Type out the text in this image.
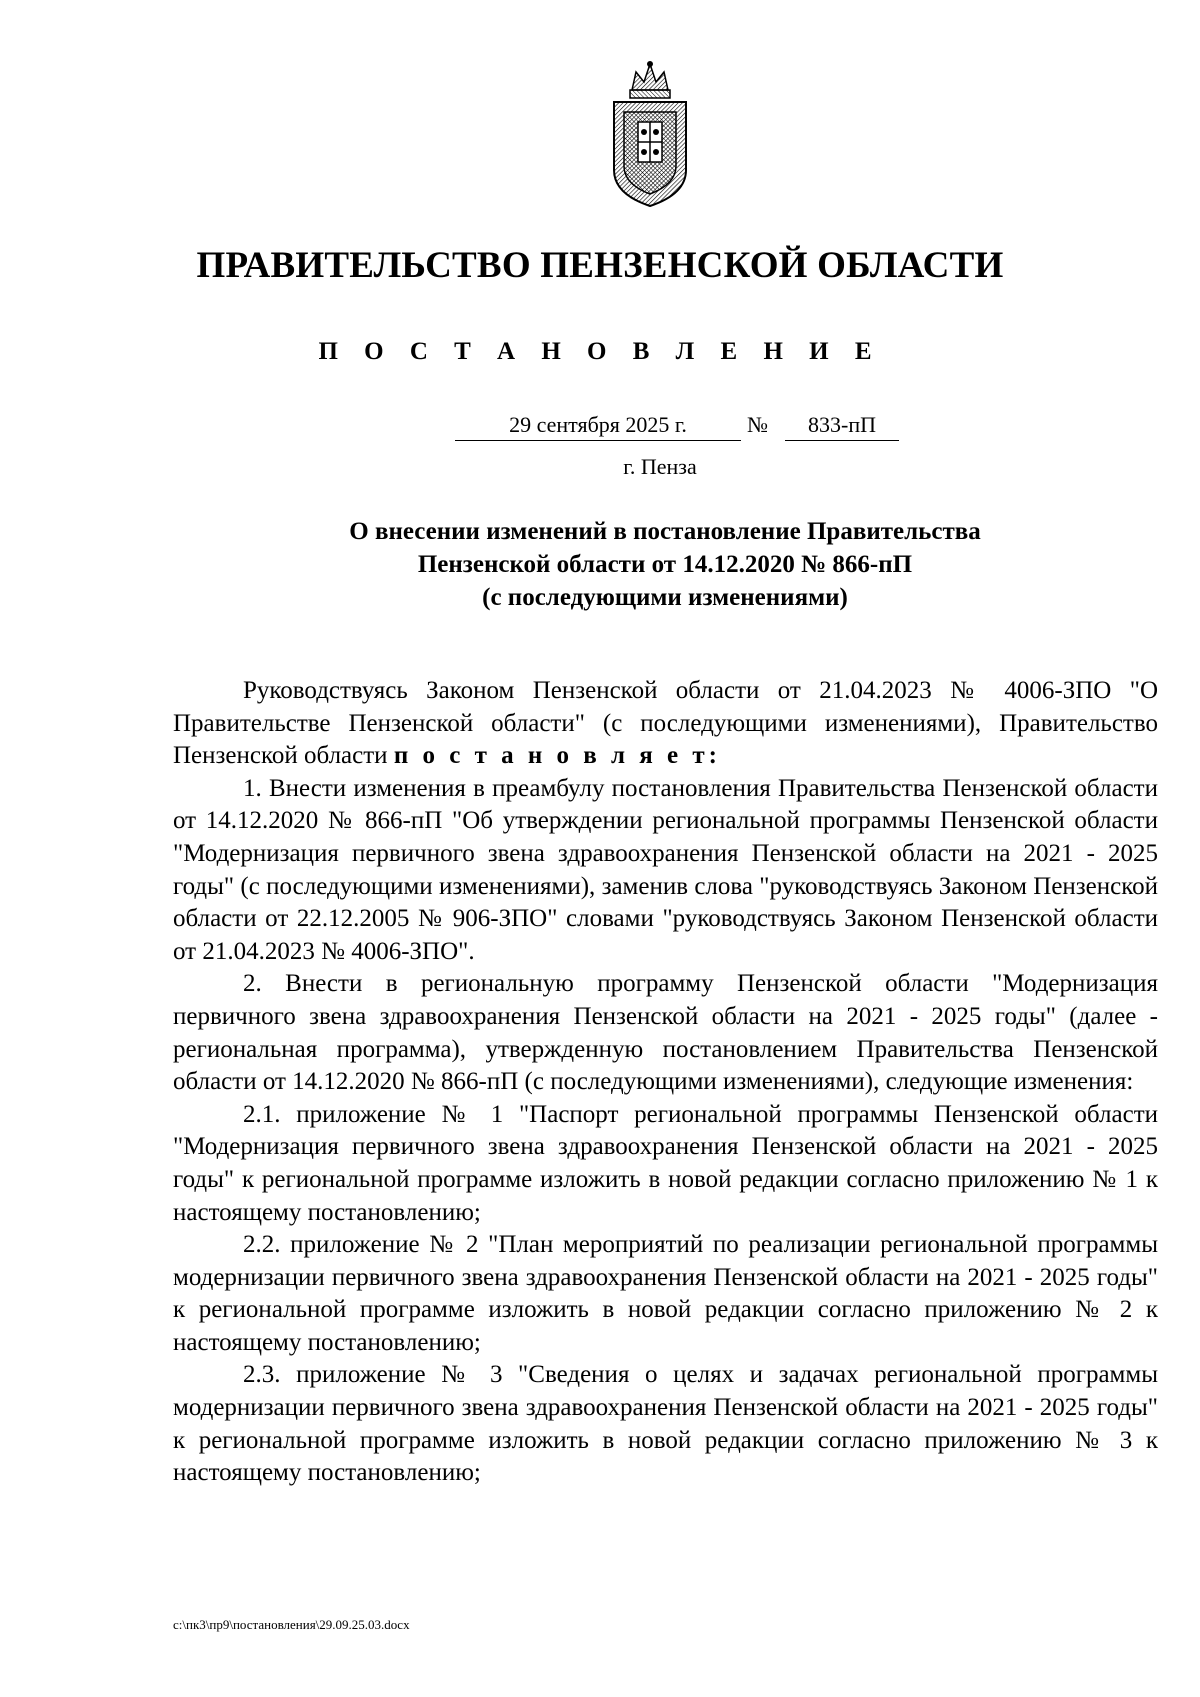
ПРАВИТЕЛЬСТВО ПЕНЗЕНСКОЙ ОБЛАСТИ
П О С Т А Н О В Л Е Н И Е
29 сентября 2025 г.	№	833-пП
г. Пенза
О внесении изменений в постановление Правительства
Пензенской области от 14.12.2020 № 866-пП
(с последующими изменениями)

Руководствуясь Законом Пензенской области от 21.04.2023 № 4006-ЗПО "О Правительстве Пензенской области" (с последующими изменениями), Правительство Пензенской области п о с т а н о в л я е т:

1. Внести изменения в преамбулу постановления Правительства Пензенской области от 14.12.2020 № 866-пП "Об утверждении региональной программы Пензенской области "Модернизация первичного звена здравоохранения Пензенской области на 2021 - 2025 годы" (с последующими изменениями), заменив слова "руководствуясь Законом Пензенской области от 22.12.2005 № 906-ЗПО" словами "руководствуясь Законом Пензенской области от 21.04.2023 № 4006-ЗПО".

2. Внести в региональную программу Пензенской области "Модернизация первичного звена здравоохранения Пензенской области на 2021 - 2025 годы" (далее - региональная программа), утвержденную постановлением Правительства Пензенской области от 14.12.2020 № 866-пП (с последующими изменениями), следующие изменения:

2.1. приложение № 1 "Паспорт региональной программы Пензенской области "Модернизация первичного звена здравоохранения Пензенской области на 2021 - 2025 годы" к региональной программе изложить в новой редакции согласно приложению № 1 к настоящему постановлению;

2.2. приложение № 2 "План мероприятий по реализации региональной программы модернизации первичного звена здравоохранения Пензенской области на 2021 - 2025 годы" к региональной программе изложить в новой редакции согласно приложению № 2 к настоящему постановлению;

2.3. приложение № 3 "Сведения о целях и задачах региональной программы модернизации первичного звена здравоохранения Пензенской области на 2021 - 2025 годы" к региональной программе изложить в новой редакции согласно приложению № 3 к настоящему постановлению;

c:\пк3\пр9\постановления\29.09.25.03.docx
